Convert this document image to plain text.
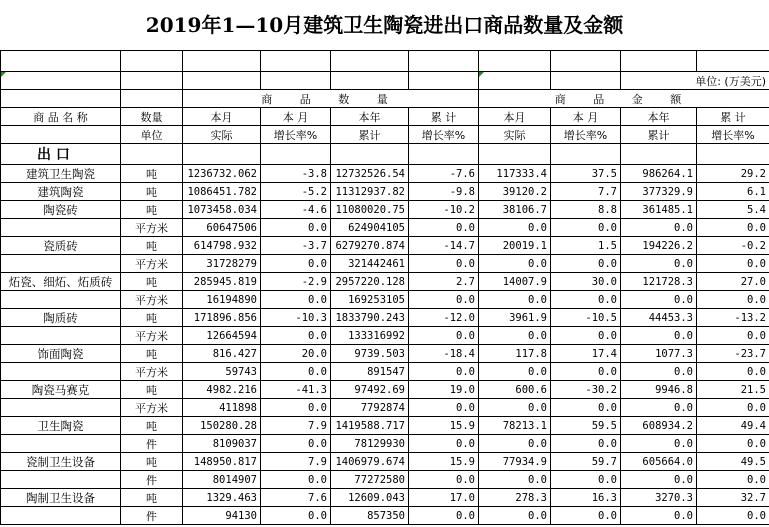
2019年1—10月建筑卫生陶瓷进出口商品数量及金额

								单位: (万美元)	
		商 品 数 量				商 品 金 额			
商 品 名 称	数量	本月	本 月	本年	累 计	本月	本 月	本年	累 计
	单位	实际	增长率%	累计	增长率%	实际	增长率%	累计	增长率%
出 口									
建筑卫生陶瓷	吨	1236732.062	-3.8	12732526.54	-7.6	117333.4	37.5	986264.1	29.2
建筑陶瓷	吨	1086451.782	-5.2	11312937.82	-9.8	39120.2	7.7	377329.9	6.1
陶瓷砖	吨	1073458.034	-4.6	11080020.75	-10.2	38106.7	8.8	361485.1	5.4
	平方米	60647506	0.0	624904105	0.0	0.0	0.0	0.0	0.0
瓷质砖	吨	614798.932	-3.7	6279270.874	-14.7	20019.1	1.5	194226.2	-0.2
	平方米	31728279	0.0	321442461	0.0	0.0	0.0	0.0	0.0
炻瓷、细炻、炻质砖	吨	285945.819	-2.9	2957220.128	2.7	14007.9	30.0	121728.3	27.0
	平方米	16194890	0.0	169253105	0.0	0.0	0.0	0.0	0.0
陶质砖	吨	171896.856	-10.3	1833790.243	-12.0	3961.9	-10.5	44453.3	-13.2
	平方米	12664594	0.0	133316992	0.0	0.0	0.0	0.0	0.0
饰面陶瓷	吨	816.427	20.0	9739.503	-18.4	117.8	17.4	1077.3	-23.7
	平方米	59743	0.0	891547	0.0	0.0	0.0	0.0	0.0
陶瓷马赛克	吨	4982.216	-41.3	97492.69	19.0	600.6	-30.2	9946.8	21.5
	平方米	411898	0.0	7792874	0.0	0.0	0.0	0.0	0.0
卫生陶瓷	吨	150280.28	7.9	1419588.717	15.9	78213.1	59.5	608934.2	49.4
	件	8109037	0.0	78129930	0.0	0.0	0.0	0.0	0.0
瓷制卫生设备	吨	148950.817	7.9	1406979.674	15.9	77934.9	59.7	605664.0	49.5
	件	8014907	0.0	77272580	0.0	0.0	0.0	0.0	0.0
陶制卫生设备	吨	1329.463	7.6	12609.043	17.0	278.3	16.3	3270.3	32.7
	件	94130	0.0	857350	0.0	0.0	0.0	0.0	0.0
